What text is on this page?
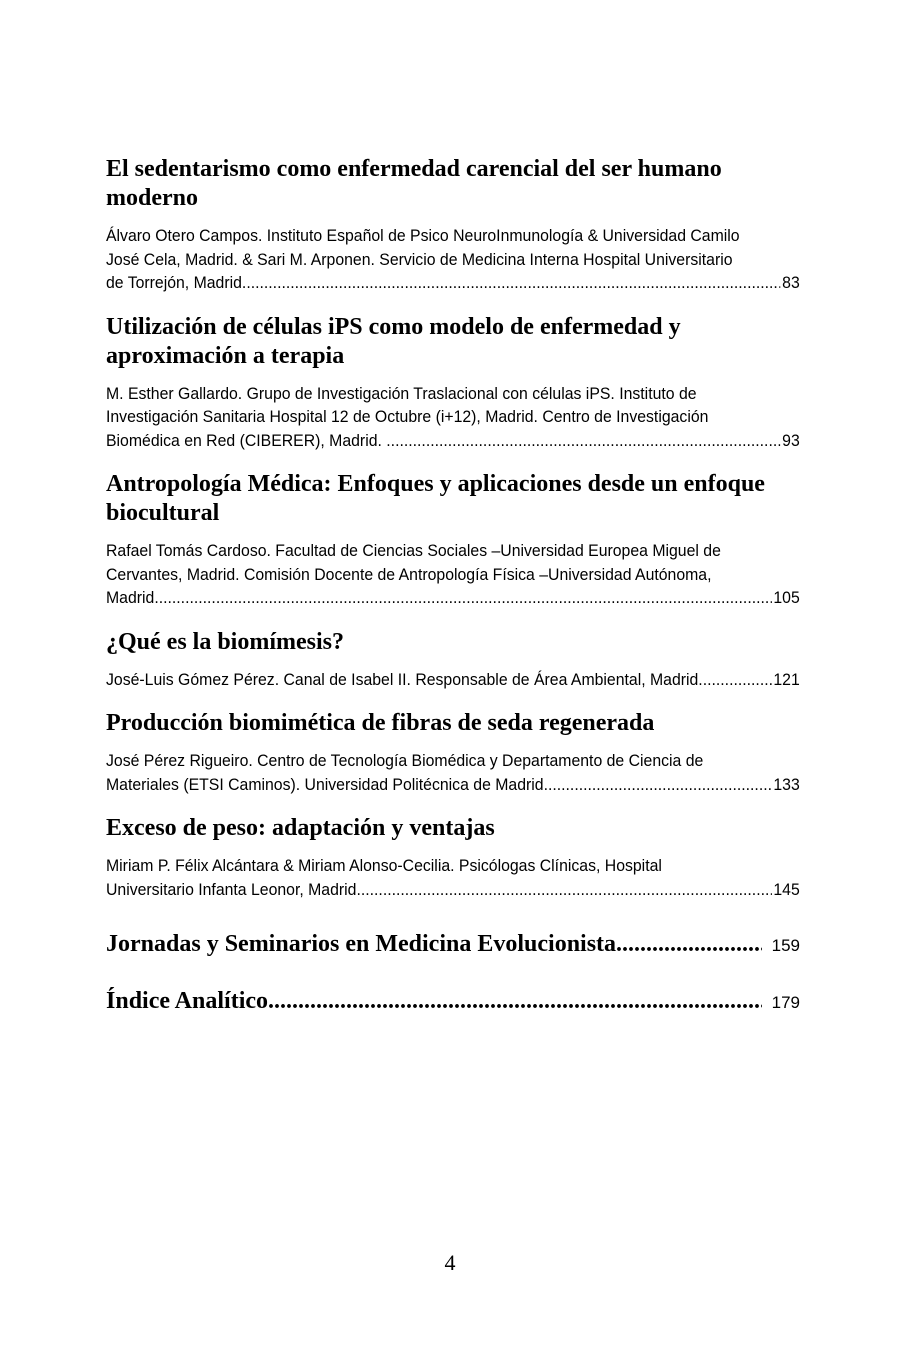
El sedentarismo como enfermedad carencial del ser humano moderno
Álvaro Otero Campos. Instituto Español de Psico NeuroInmunología & Universidad Camilo
José Cela, Madrid. & Sari M. Arponen. Servicio de Medicina Interna Hospital Universitario
de Torrejón, Madrid .....	83
Utilización de células iPS como modelo de enfermedad y aproximación a terapia
M. Esther Gallardo. Grupo de Investigación Traslacional con células iPS. Instituto de
Investigación Sanitaria Hospital 12 de Octubre (i+12), Madrid. Centro de Investigación
Biomédica en Red (CIBERER), Madrid. . .....	93
Antropología Médica: Enfoques y aplicaciones desde un enfoque biocultural
Rafael Tomás Cardoso. Facultad de Ciencias Sociales –Universidad Europea Miguel de
Cervantes, Madrid. Comisión Docente de Antropología Física –Universidad Autónoma,
Madrid. .....	105
¿Qué es la biomímesis?
José-Luis Gómez Pérez. Canal de Isabel II. Responsable de Área Ambiental, Madrid. .....	121
Producción biomimética de fibras de seda regenerada
José Pérez Rigueiro. Centro de Tecnología Biomédica y Departamento de Ciencia de
Materiales (ETSI Caminos). Universidad Politécnica de Madrid .....	133
Exceso de peso: adaptación y ventajas
Miriam P. Félix Alcántara & Miriam Alonso-Cecilia. Psicólogas Clínicas, Hospital
Universitario Infanta Leonor, Madrid. .....	145
Jornadas y Seminarios en Medicina Evolucionista .....	159
Índice Analítico .....	179
4
